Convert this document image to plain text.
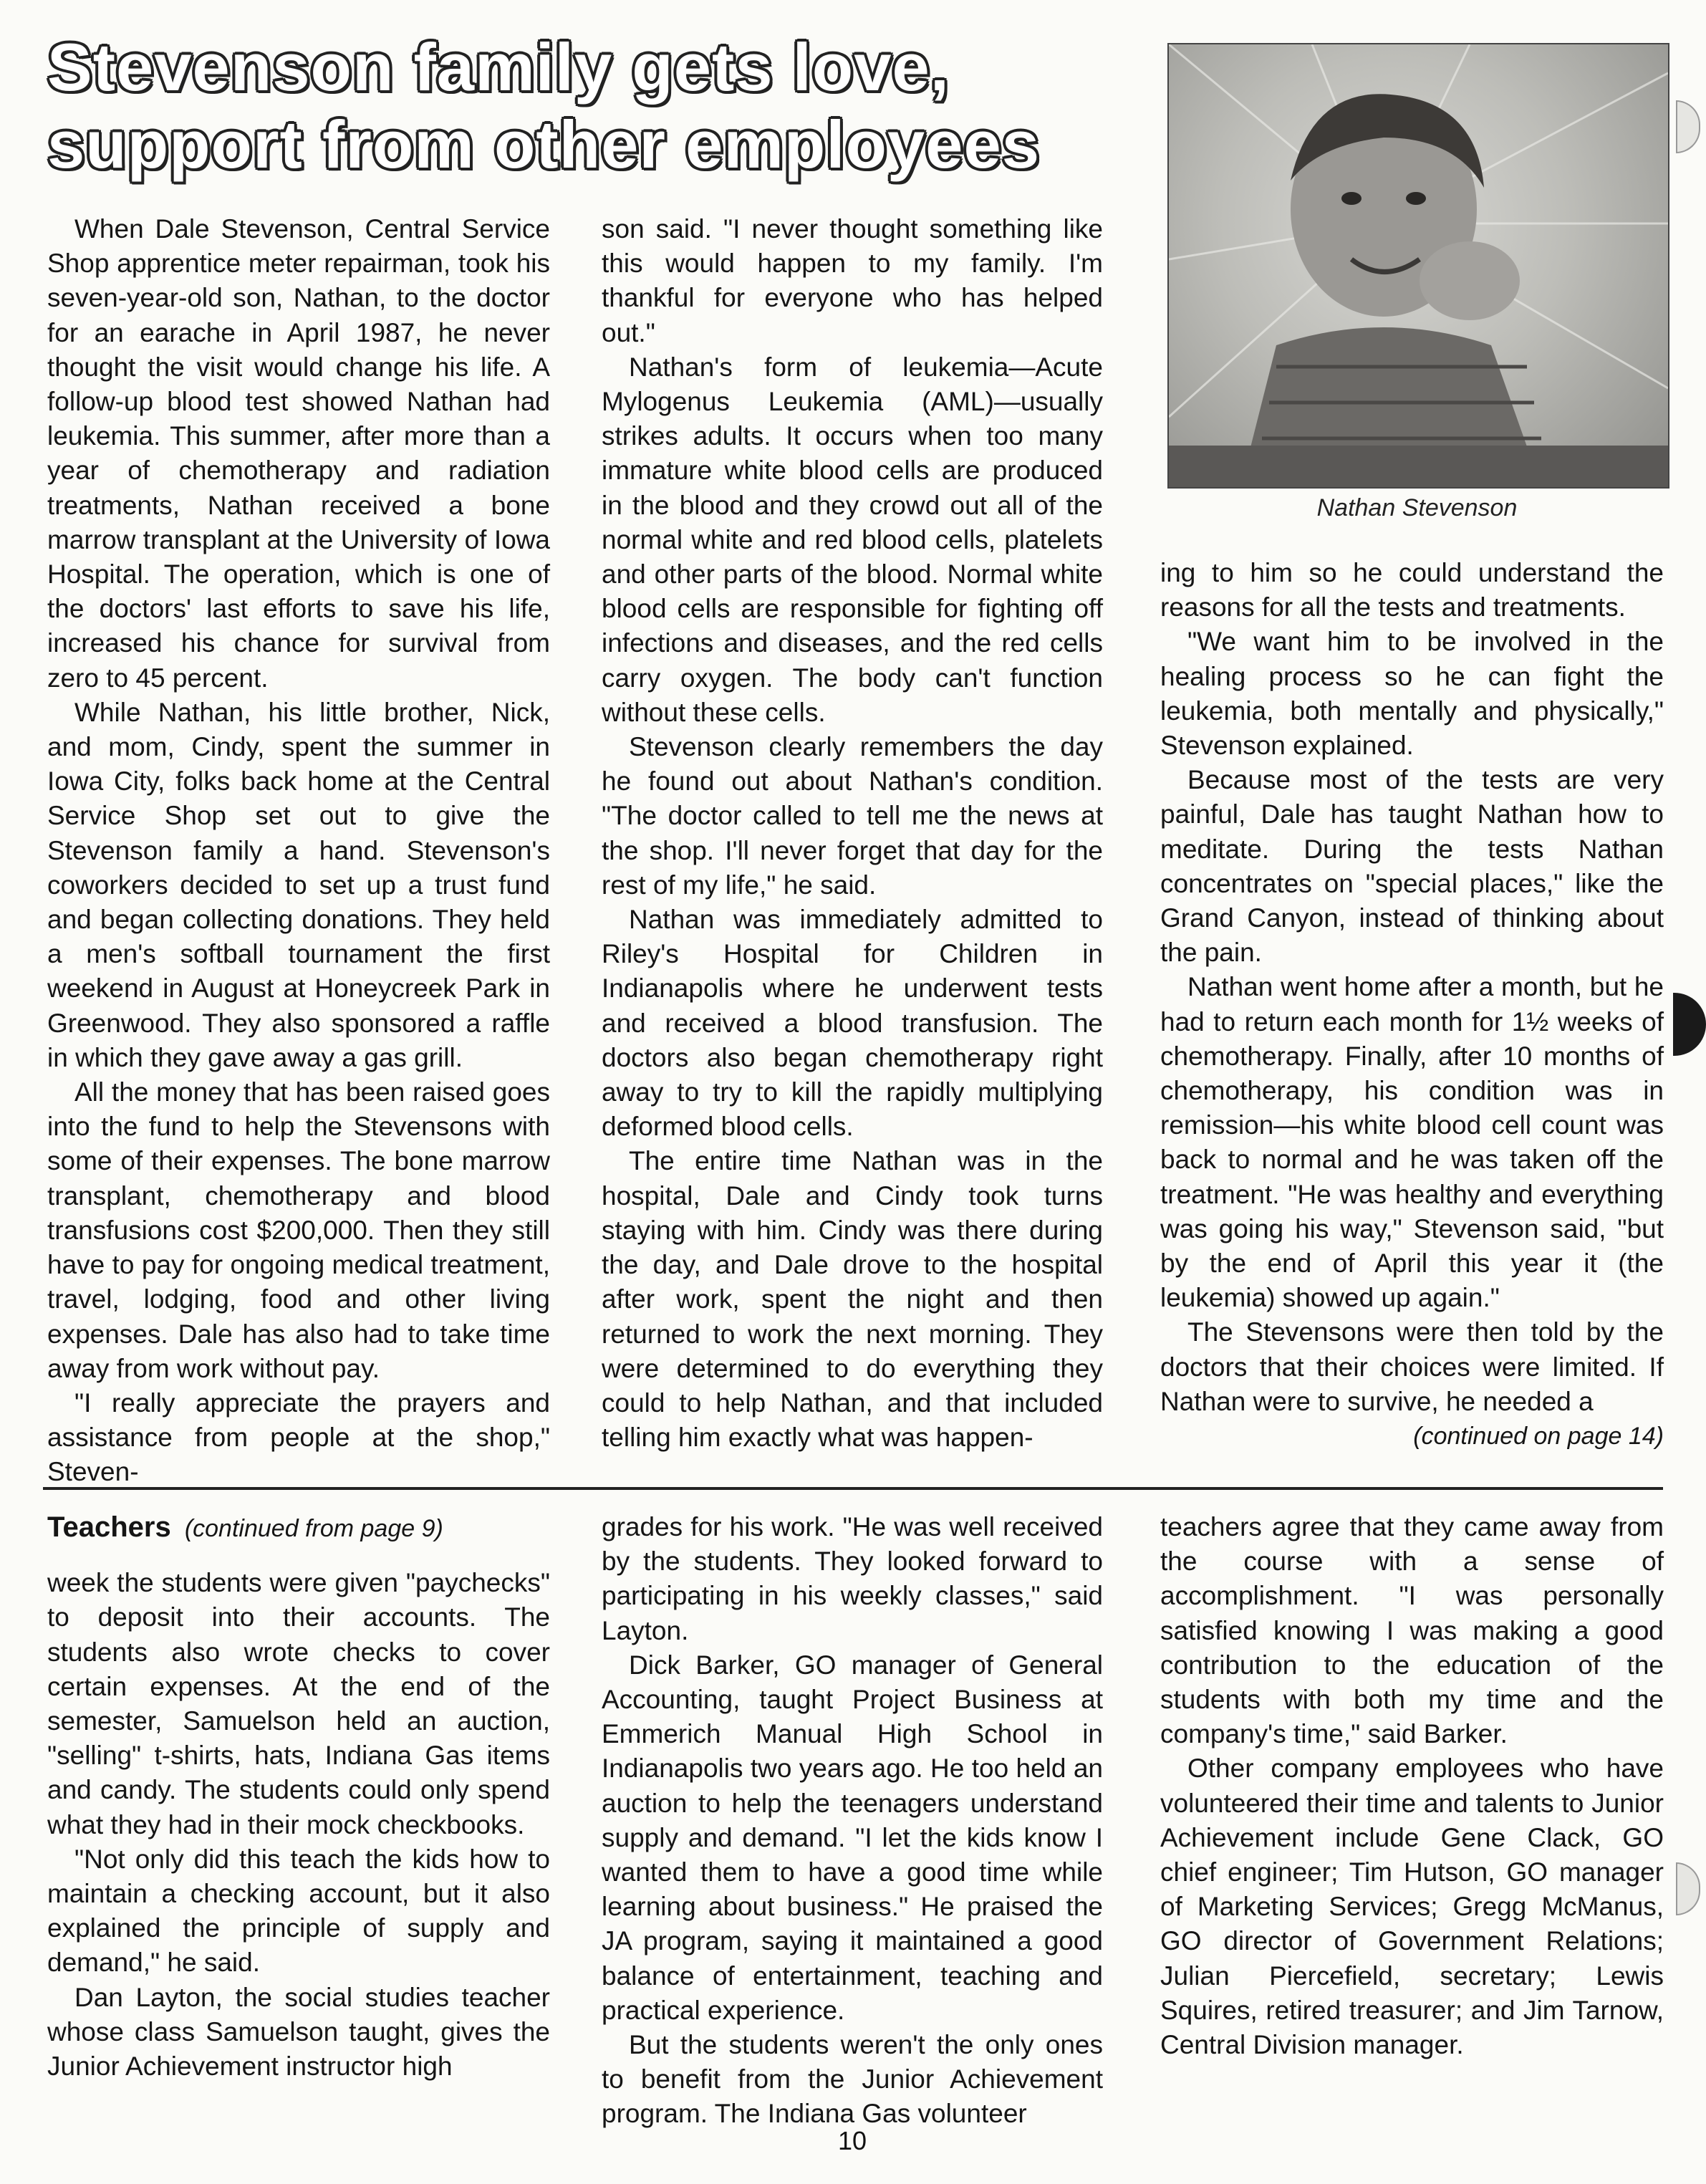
Stevenson family gets love,
support from other employees
Nathan Stevenson

When Dale Stevenson, Central Service Shop apprentice meter repairman, took his seven-year-old son, Nathan, to the doctor for an earache in April 1987, he never thought the visit would change his life. A follow-up blood test showed Nathan had leukemia. This summer, after more than a year of chemotherapy and radiation treatments, Nathan received a bone marrow transplant at the University of Iowa Hospital. The operation, which is one of the doctors' last efforts to save his life, increased his chance for survival from zero to 45 percent.

While Nathan, his little brother, Nick, and mom, Cindy, spent the summer in Iowa City, folks back home at the Central Service Shop set out to give the Stevenson family a hand. Stevenson's coworkers decided to set up a trust fund and began collecting donations. They held a men's softball tournament the first weekend in August at Honeycreek Park in Greenwood. They also sponsored a raffle in which they gave away a gas grill.

All the money that has been raised goes into the fund to help the Stevensons with some of their expenses. The bone marrow transplant, chemotherapy and blood transfusions cost $200,000. Then they still have to pay for ongoing medical treatment, travel, lodging, food and other living expenses. Dale has also had to take time away from work without pay.

"I really appreciate the prayers and assistance from people at the shop," Steven-

son said. "I never thought something like this would happen to my family. I'm thankful for everyone who has helped out."

Nathan's form of leukemia—Acute Mylogenus Leukemia (AML)—usually strikes adults. It occurs when too many immature white blood cells are produced in the blood and they crowd out all of the normal white and red blood cells, platelets and other parts of the blood. Normal white blood cells are responsible for fighting off infections and diseases, and the red cells carry oxygen. The body can't function without these cells.

Stevenson clearly remembers the day he found out about Nathan's condition. "The doctor called to tell me the news at the shop. I'll never forget that day for the rest of my life," he said.

Nathan was immediately admitted to Riley's Hospital for Children in Indianapolis where he underwent tests and received a blood transfusion. The doctors also began chemotherapy right away to try to kill the rapidly multiplying deformed blood cells.

The entire time Nathan was in the hospital, Dale and Cindy took turns staying with him. Cindy was there during the day, and Dale drove to the hospital after work, spent the night and then returned to work the next morning. They were determined to do everything they could to help Nathan, and that included telling him exactly what was happen-

ing to him so he could understand the reasons for all the tests and treatments.

"We want him to be involved in the healing process so he can fight the leukemia, both mentally and physically," Stevenson explained.

Because most of the tests are very painful, Dale has taught Nathan how to meditate. During the tests Nathan concentrates on "special places," like the Grand Canyon, instead of thinking about the pain.

Nathan went home after a month, but he had to return each month for 1½ weeks of chemotherapy. Finally, after 10 months of chemotherapy, his condition was in remission—his white blood cell count was back to normal and he was taken off the treatment. "He was healthy and everything was going his way," Stevenson said, "but by the end of April this year it (the leukemia) showed up again."

The Stevensons were then told by the doctors that their choices were limited. If Nathan were to survive, he needed a

(continued on page 14)
Teachers (continued from page 9)

week the students were given "paychecks" to deposit into their accounts. The students also wrote checks to cover certain expenses. At the end of the semester, Samuelson held an auction, "selling" t-shirts, hats, Indiana Gas items and candy. The students could only spend what they had in their mock checkbooks.

"Not only did this teach the kids how to maintain a checking account, but it also explained the principle of supply and demand," he said.

Dan Layton, the social studies teacher whose class Samuelson taught, gives the Junior Achievement instructor high

grades for his work. "He was well received by the students. They looked forward to participating in his weekly classes," said Layton.

Dick Barker, GO manager of General Accounting, taught Project Business at Emmerich Manual High School in Indianapolis two years ago. He too held an auction to help the teenagers understand supply and demand. "I let the kids know I wanted them to have a good time while learning about business." He praised the JA program, saying it maintained a good balance of entertainment, teaching and practical experience.

But the students weren't the only ones to benefit from the Junior Achievement program. The Indiana Gas volunteer

teachers agree that they came away from the course with a sense of accomplishment. "I was personally satisfied knowing I was making a good contribution to the education of the students with both my time and the company's time," said Barker.

Other company employees who have volunteered their time and talents to Junior Achievement include Gene Clack, GO chief engineer; Tim Hutson, GO manager of Marketing Services; Gregg McManus, GO director of Government Relations; Julian Piercefield, secretary; Lewis Squires, retired treasurer; and Jim Tarnow, Central Division manager.

10
